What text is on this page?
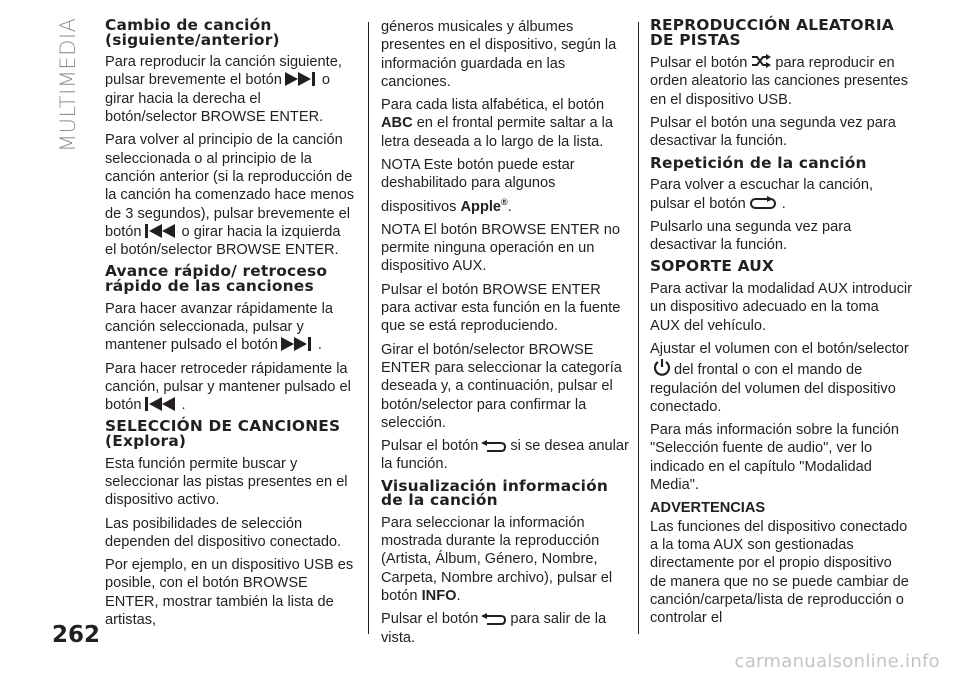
MULTIMEDIA Cambio de canción (siguiente/anterior)

Para reproducir la canción siguiente, pulsar brevemente el botón	o girar hacia la derecha el botón/selector BROWSE ENTER.

Para volver al principio de la canción seleccionada o al principio de la canción anterior (si la reproducción de la canción ha comenzado hace menos de 3 segundos), pulsar brevemente el botón	o girar hacia la izquierda el botón/selector BROWSE ENTER.

Avance rápido/ retroceso rápido de las canciones

Para hacer avanzar rápidamente la canción seleccionada, pulsar y mantener pulsado el botón	.

Para hacer retroceder rápidamente la canción, pulsar y mantener pulsado el botón	.

SELECCIÓN DE CANCIONES (Explora)

Esta función permite buscar y seleccionar las pistas presentes en el dispositivo activo.

Las posibilidades de selección dependen del dispositivo conectado.

Por ejemplo, en un dispositivo USB es posible, con el botón BROWSE ENTER, mostrar también la lista de artistas,

géneros musicales y álbumes presentes en el dispositivo, según la información guardada en las canciones.

Para cada lista alfabética, el botón ABC en el frontal permite saltar a la letra deseada a lo largo de la lista.

NOTA Este botón puede estar deshabilitado para algunos dispositivos Apple®.

NOTA El botón BROWSE ENTER no permite ninguna operación en un dispositivo AUX.

Pulsar el botón BROWSE ENTER para activar esta función en la fuente que se está reproduciendo.

Girar el botón/selector BROWSE ENTER para seleccionar la categoría deseada y, a continuación, pulsar el botón/selector para confirmar la selección.

Pulsar el botón si se desea anular la función.

Visualización información de la canción

Para seleccionar la información mostrada durante la reproducción (Artista, Álbum, Género, Nombre, Carpeta, Nombre archivo), pulsar el botón INFO.

Pulsar el botón para salir de la vista.

REPRODUCCIÓN ALEATORIA DE PISTAS

Pulsar el botón para reproducir en orden aleatorio las canciones presentes en el dispositivo USB.

Pulsar el botón una segunda vez para desactivar la función.

Repetición de la canción

Para volver a escuchar la canción, pulsar el botón .

Pulsarlo una segunda vez para desactivar la función.

SOPORTE AUX

Para activar la modalidad AUX introducir un dispositivo adecuado en la toma AUX del vehículo.

Ajustar el volumen con el botón/selector
del frontal o con el mando de regulación del volumen del dispositivo conectado.

Para más información sobre la función "Selección fuente de audio", ver lo indicado en el capítulo "Modalidad Media".

ADVERTENCIAS

Las funciones del dispositivo conectado a la toma AUX son gestionadas directamente por el propio dispositivo de manera que no se puede cambiar de canción/carpeta/lista de reproducción o controlar el

262
carmanualsonline.info
